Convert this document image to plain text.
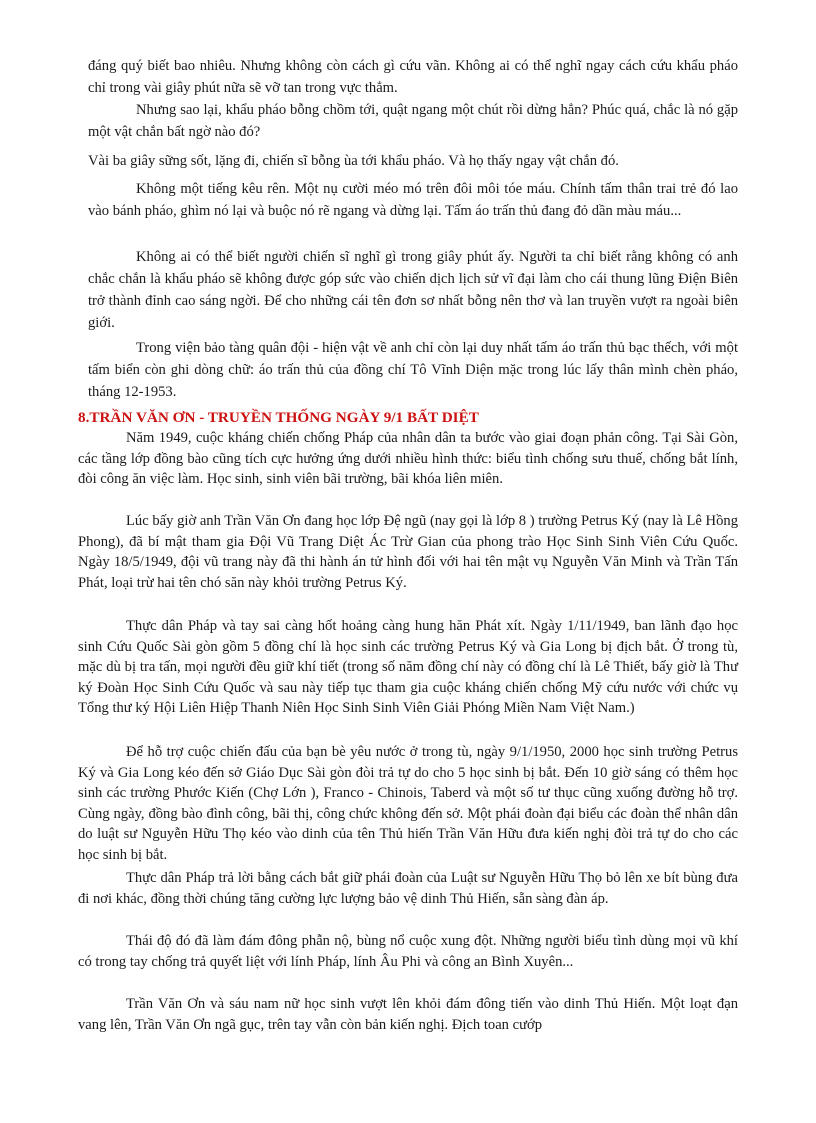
đáng quý biết bao nhiêu. Nhưng không còn cách gì cứu vãn. Không ai có thể nghĩ ngay cách cứu khẩu pháo chỉ trong vài giây phút nữa sẽ vỡ tan trong vực thẳm.

Nhưng sao lại, khẩu pháo bỗng chồm tới, quật ngang một chút rồi dừng hẳn? Phúc quá, chắc là nó gặp một vật chắn bất ngờ nào đó?

Vài ba giây sững sốt, lặng đi, chiến sĩ bỗng ùa tới khẩu pháo. Và họ thấy ngay vật chắn đó.

Không một tiếng kêu rên. Một nụ cười méo mó trên đôi môi tóe máu. Chính tấm thân trai trẻ đó lao vào bánh pháo, ghìm nó lại và buộc nó rẽ ngang và dừng lại. Tấm áo trấn thủ đang đỏ dần màu máu...

Không ai có thể biết người chiến sĩ nghĩ gì trong giây phút ấy. Người ta chỉ biết rằng không có anh chắc chắn là khẩu pháo sẽ không được góp sức vào chiến dịch lịch sử vĩ đại làm cho cái thung lũng Điện Biên trở thành đỉnh cao sáng ngời. Để cho những cái tên đơn sơ nhất bỗng nên thơ và lan truyền vượt ra ngoài biên giới.

Trong viện bảo tàng quân đội - hiện vật về anh chỉ còn lại duy nhất tấm áo trấn thủ bạc thếch, với một tấm biển còn ghi dòng chữ: áo trấn thủ của đồng chí Tô Vĩnh Diện mặc trong lúc lấy thân mình chèn pháo, tháng 12-1953.

8.TRẦN VĂN ƠN - TRUYỀN THỐNG NGÀY 9/1 BẤT DIỆT

Năm 1949, cuộc kháng chiến chống Pháp của nhân dân ta bước vào giai đoạn phản công. Tại Sài Gòn, các tầng lớp đồng bào cũng tích cực hưởng ứng dưới nhiều hình thức: biểu tình chống sưu thuế, chống bắt lính, đòi công ăn việc làm. Học sinh, sinh viên bãi trường, bãi khóa liên miên.

Lúc bấy giờ anh Trần Văn Ơn đang học lớp Đệ ngũ (nay gọi là lớp 8 ) trường Petrus Ký (nay là Lê Hồng Phong), đã bí mật tham gia Đội Vũ Trang Diệt Ác Trừ Gian của phong trào Học Sinh Sinh Viên Cứu Quốc. Ngày 18/5/1949, đội vũ trang này đã thi hành án tử hình đối với hai tên mật vụ Nguyễn Văn Minh và Trần Tấn Phát, loại trừ hai tên chó săn này khỏi trường Petrus Ký.

Thực dân Pháp và tay sai càng hốt hoảng càng hung hăn Phát xít. Ngày 1/11/1949, ban lãnh đạo học sinh Cứu Quốc Sài gòn gồm 5 đồng chí là học sinh các trường Petrus Ký và Gia Long bị địch bắt. Ở trong tù, mặc dù bị tra tấn, mọi người đều giữ khí tiết (trong số năm đồng chí này có đồng chí là Lê Thiết, bấy giờ là Thư ký Đoàn Học Sinh Cứu Quốc và sau này tiếp tục tham gia cuộc kháng chiến chống Mỹ cứu nước với chức vụ Tổng thư ký Hội Liên Hiệp Thanh Niên Học Sinh Sinh Viên Giải Phóng Miền Nam Việt Nam.)

Để hỗ trợ cuộc chiến đấu của bạn bè yêu nước ở trong tù, ngày 9/1/1950, 2000 học sinh trường Petrus Ký và Gia Long kéo đến sở Giáo Dục Sài gòn đòi trả tự do cho 5 học sinh bị bắt. Đến 10 giờ sáng có thêm học sinh các trường Phước Kiến (Chợ Lớn ), Franco - Chinois, Taberd và một số tư thục cũng xuống đường hỗ trợ. Cùng ngày, đồng bào đình công, bãi thị, công chức không đến sở. Một phái đoàn đại biểu các đoàn thể nhân dân do luật sư Nguyễn Hữu Thọ kéo vào dinh của tên Thủ hiến Trần Văn Hữu đưa kiến nghị đòi trả tự do cho các học sinh bị bắt.

Thực dân Pháp trả lời bằng cách bắt giữ phái đoàn của Luật sư Nguyễn Hữu Thọ bỏ lên xe bít bùng đưa đi nơi khác, đồng thời chúng tăng cường lực lượng bảo vệ dinh Thủ Hiến, sẵn sàng đàn áp.

Thái độ đó đã làm đám đông phẫn nộ, bùng nổ cuộc xung đột. Những người biểu tình dùng mọi vũ khí có trong tay chống trả quyết liệt với lính Pháp, lính Âu Phi và công an Bình Xuyên...

Trần Văn Ơn và sáu nam nữ học sinh vượt lên khỏi đám đông tiến vào dinh Thủ Hiến. Một loạt đạn vang lên, Trần Văn Ơn ngã gục, trên tay vẫn còn bản kiến nghị. Địch toan cướp
